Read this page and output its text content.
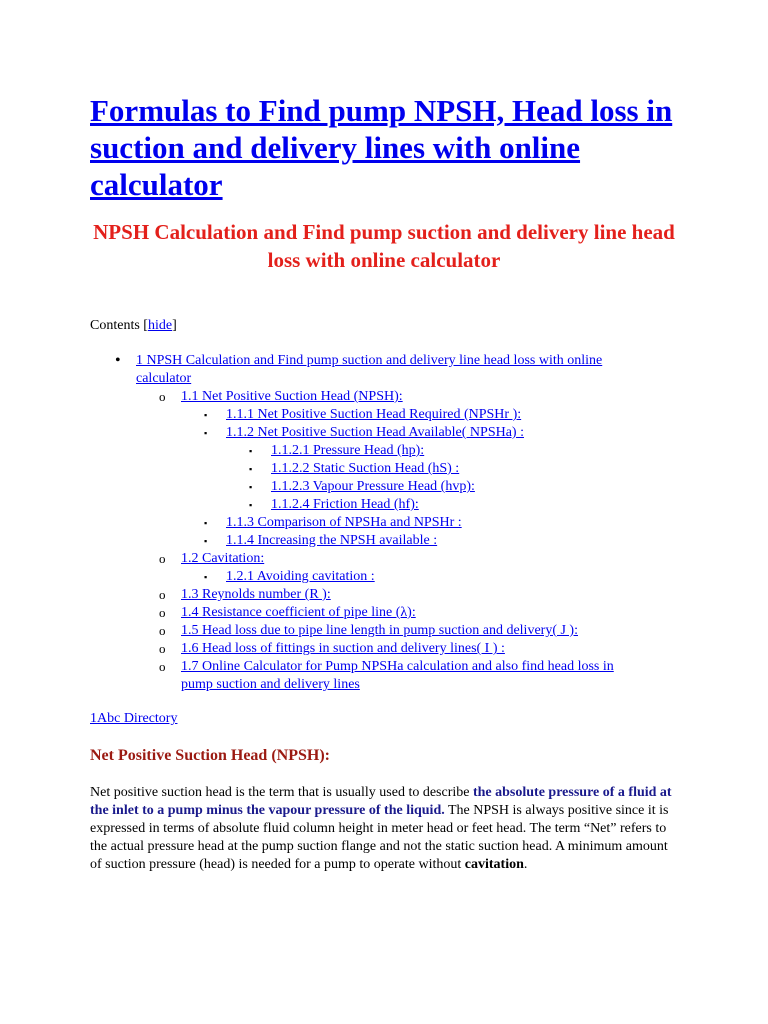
Formulas to Find pump NPSH, Head loss in suction and delivery lines with online calculator
NPSH Calculation and Find pump suction and delivery line head loss with online calculator
Contents [hide]
• 1 NPSH Calculation and Find pump suction and delivery line head loss with online
calculator
o 1.1 Net Positive Suction Head (NPSH):
▪ 1.1.1 Net Positive Suction Head Required (NPSHr ):
▪ 1.1.2 Net Positive Suction Head Available( NPSHa) :
▪ 1.1.2.1 Pressure Head (hp):
▪ 1.1.2.2 Static Suction Head (hS) :
▪ 1.1.2.3 Vapour Pressure Head (hvp):
▪ 1.1.2.4 Friction Head (hf):
▪ 1.1.3 Comparison of NPSHa and NPSHr :
▪ 1.1.4 Increasing the NPSH available :
o 1.2 Cavitation:
▪ 1.2.1 Avoiding cavitation :
o 1.3 Reynolds number (R ):
o 1.4 Resistance coefficient of pipe line (λ):
o 1.5 Head loss due to pipe line length in pump suction and delivery( J ):
o 1.6 Head loss of fittings in suction and delivery lines( I ) :
o 1.7 Online Calculator for Pump NPSHa calculation and also find head loss in
pump suction and delivery lines
1Abc Directory
Net Positive Suction Head (NPSH):

Net positive suction head is the term that is usually used to describe the absolute pressure of a fluid at the inlet to a pump minus the vapour pressure of the liquid. The NPSH is always positive since it is expressed in terms of absolute fluid column height in meter head or feet head. The term “Net” refers to the actual pressure head at the pump suction flange and not the static suction head. A minimum amount of suction pressure (head) is needed for a pump to operate without cavitation.
